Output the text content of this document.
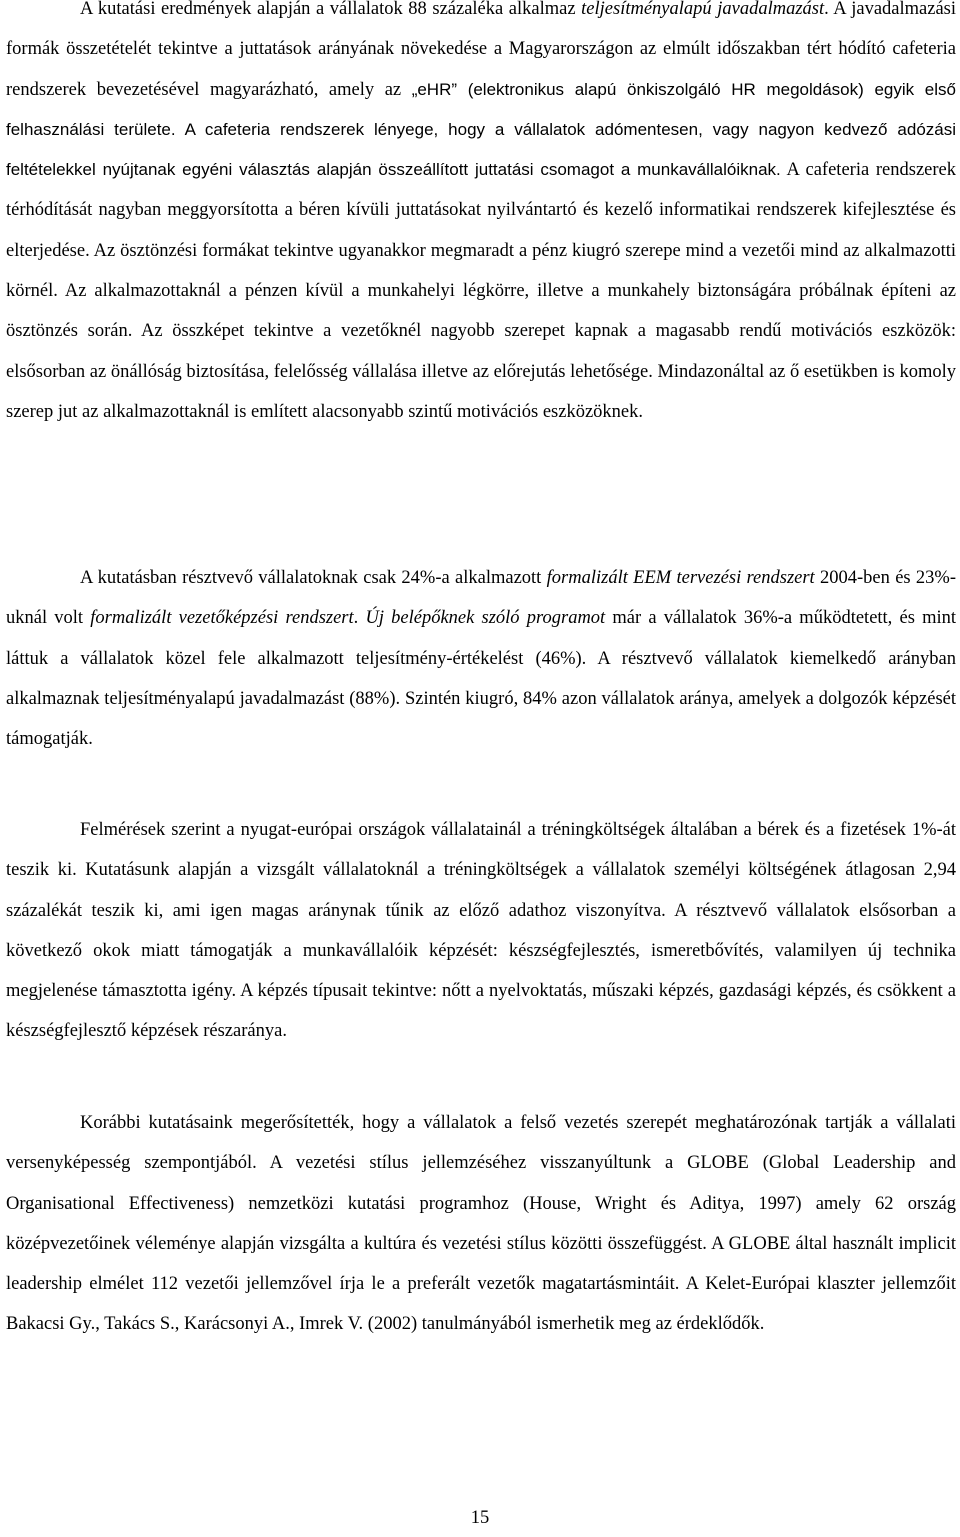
A kutatási eredmények alapján a vállalatok 88 százaléka alkalmaz teljesítményalapú javadalmazást. A javadalmazási formák összetételét tekintve a juttatások arányának növekedése a Magyarországon az elmúlt időszakban tért hódító cafeteria rendszerek bevezetésével magyarázható, amely az „eHR” (elektronikus alapú önkiszolgáló HR megoldások) egyik első felhasználási területe. A cafeteria rendszerek lényege, hogy a vállalatok adómentesen, vagy nagyon kedvező adózási feltételekkel nyújtanak egyéni választás alapján összeállított juttatási csomagot a munkavállalóiknak. A cafeteria rendszerek térhódítását nagyban meggyorsította a béren kívüli juttatásokat nyilvántartó és kezelő informatikai rendszerek kifejlesztése és elterjedése. Az ösztönzési formákat tekintve ugyanakkor megmaradt a pénz kiugró szerepe mind a vezetői mind az alkalmazotti körnél. Az alkalmazottaknál a pénzen kívül a munkahelyi légkörre, illetve a munkahely biztonságára próbálnak építeni az ösztönzés során. Az összképet tekintve a vezetőknél nagyobb szerepet kapnak a magasabb rendű motivációs eszközök: elsősorban az önállóság biztosítása, felelősség vállalása illetve az előrejutás lehetősége. Mindazonáltal az ő esetükben is komoly szerep jut az alkalmazottaknál is említett alacsonyabb szintű motivációs eszközöknek.

A kutatásban résztvevő vállalatoknak csak 24%-a alkalmazott formalizált EEM tervezési rendszert 2004-ben és 23%-uknál volt formalizált vezetőképzési rendszert. Új belépőknek szóló programot már a vállalatok 36%-a működtetett, és mint láttuk a vállalatok közel fele alkalmazott teljesítmény-értékelést (46%). A résztvevő vállalatok kiemelkedő arányban alkalmaznak teljesítményalapú javadalmazást (88%). Szintén kiugró, 84% azon vállalatok aránya, amelyek a dolgozók képzését támogatják.

Felmérések szerint a nyugat-európai országok vállalatainál a tréningköltségek általában a bérek és a fizetések 1%-át teszik ki. Kutatásunk alapján a vizsgált vállalatoknál a tréningköltségek a vállalatok személyi költségének átlagosan 2,94 százalékát teszik ki, ami igen magas aránynak tűnik az előző adathoz viszonyítva. A résztvevő vállalatok elsősorban a következő okok miatt támogatják a munkavállalóik képzését: készségfejlesztés, ismeretbővítés, valamilyen új technika megjelenése támasztotta igény. A képzés típusait tekintve: nőtt a nyelvoktatás, műszaki képzés, gazdasági képzés, és csökkent a készségfejlesztő képzések részaránya.

Korábbi kutatásaink megerősítették, hogy a vállalatok a felső vezetés szerepét meghatározónak tartják a vállalati versenyképesség szempontjából. A vezetési stílus jellemzéséhez visszanyúltunk a GLOBE (Global Leadership and Organisational Effectiveness) nemzetközi kutatási programhoz (House, Wright és Aditya, 1997) amely 62 ország középvezetőinek véleménye alapján vizsgálta a kultúra és vezetési stílus közötti összefüggést. A GLOBE által használt implicit leadership elmélet 112 vezetői jellemzővel írja le a preferált vezetők magatartásmintáit. A Kelet-Európai klaszter jellemzőit Bakacsi Gy., Takács S., Karácsonyi A., Imrek V. (2002) tanulmányából ismerhetik meg az érdeklődők.

15
